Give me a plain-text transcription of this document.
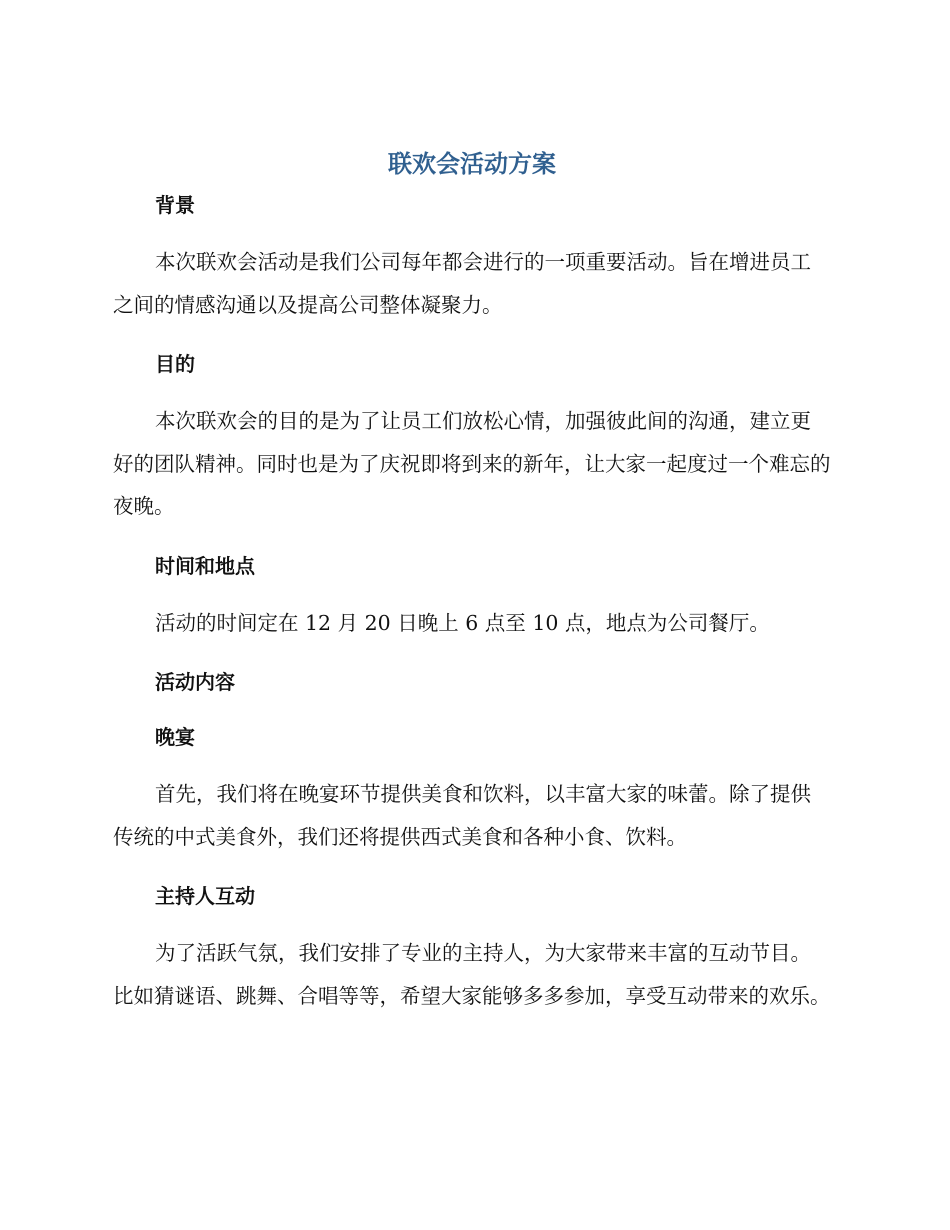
联欢会活动方案
背景

本次联欢会活动是我们公司每年都会进行的一项重要活动。旨在增进员工之间的情感沟通以及提高公司整体凝聚力。

目的

本次联欢会的目的是为了让员工们放松心情，加强彼此间的沟通，建立更好的团队精神。同时也是为了庆祝即将到来的新年，让大家一起度过一个难忘的夜晚。

时间和地点

活动的时间定在 12 月 20 日晚上 6 点至 10 点，地点为公司餐厅。

活动内容
晚宴

首先，我们将在晚宴环节提供美食和饮料，以丰富大家的味蕾。除了提供传统的中式美食外，我们还将提供西式美食和各种小食、饮料。

主持人互动

为了活跃气氛，我们安排了专业的主持人，为大家带来丰富的互动节目。比如猜谜语、跳舞、合唱等等，希望大家能够多多参加，享受互动带来的欢乐。
